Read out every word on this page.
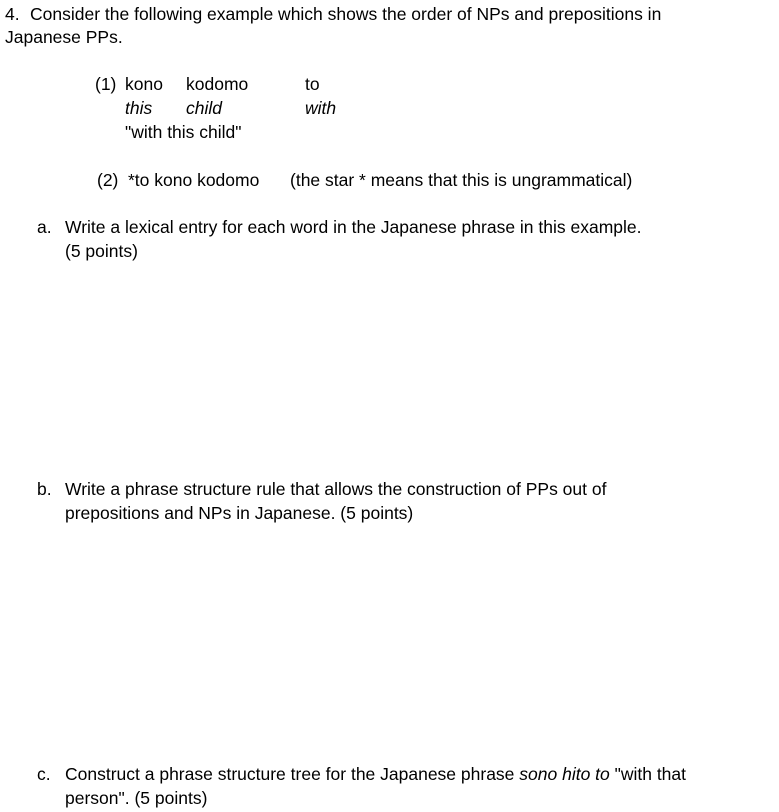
4. Consider the following example which shows the order of NPs and prepositions in
Japanese PPs.
(1) kono kodomo	to
this child	with
"with this child"
(2) *to kono kodomo (the star * means that this is ungrammatical)
a. Write a lexical entry for each word in the Japanese phrase in this example.
(5 points)
b. Write a phrase structure rule that allows the construction of PPs out of
prepositions and NPs in Japanese. (5 points)
c. Construct a phrase structure tree for the Japanese phrase sono hito to "with that
person". (5 points)
